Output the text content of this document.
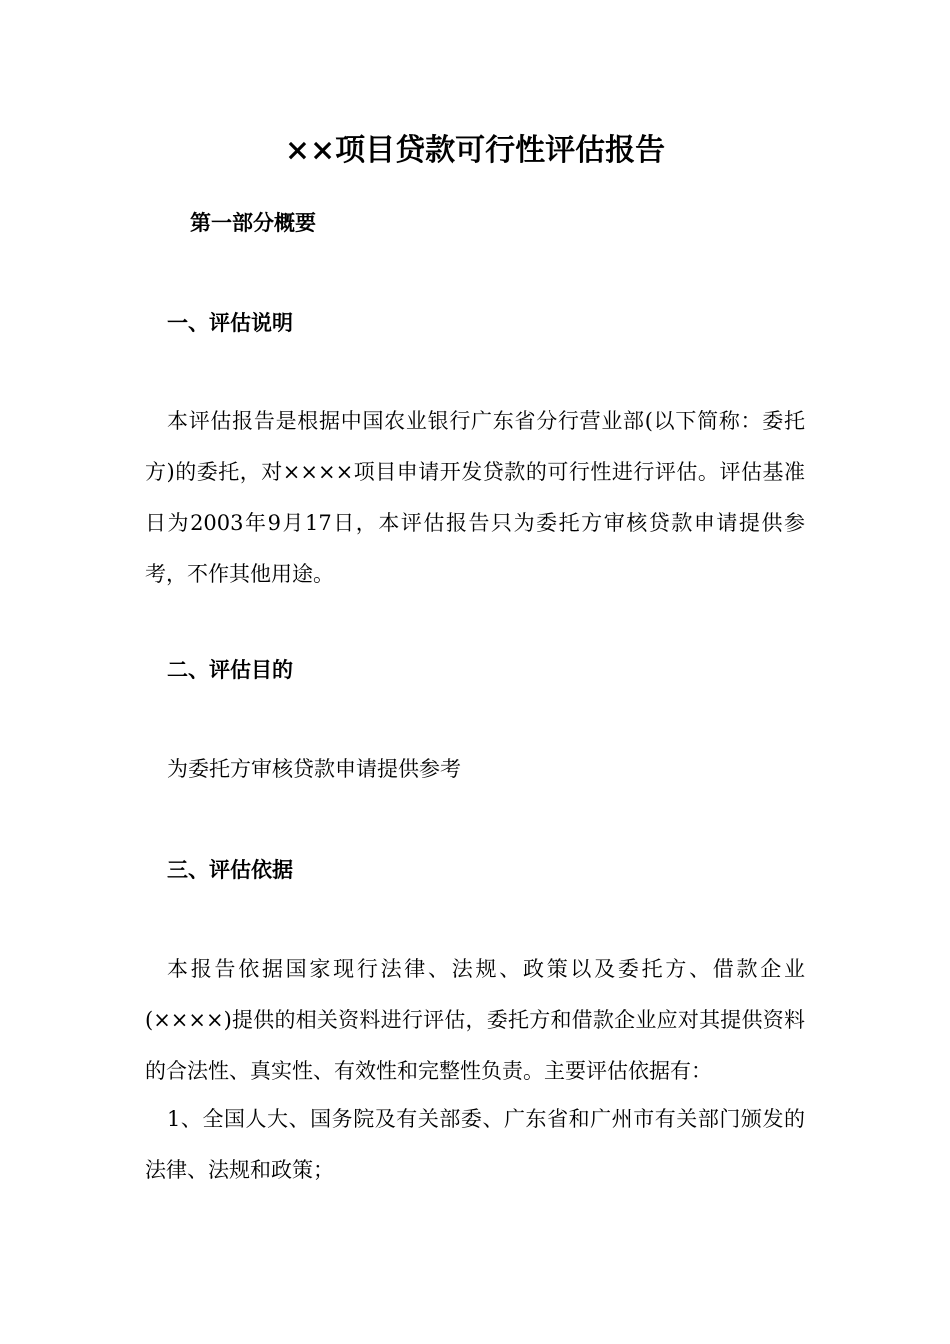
××项目贷款可行性评估报告
第一部分概要
一、评估说明
本评估报告是根据中国农业银行广东省分行营业部(以下简称：委托方)的委托，对××××项目申请开发贷款的可行性进行评估。评估基准日为2003年9月17日，本评估报告只为委托方审核贷款申请提供参考，不作其他用途。
二、评估目的
为委托方审核贷款申请提供参考
三、评估依据
本报告依据国家现行法律、法规、政策以及委托方、借款企业(××××)提供的相关资料进行评估，委托方和借款企业应对其提供资料的合法性、真实性、有效性和完整性负责。主要评估依据有：
1、全国人大、国务院及有关部委、广东省和广州市有关部门颁发的法律、法规和政策；
